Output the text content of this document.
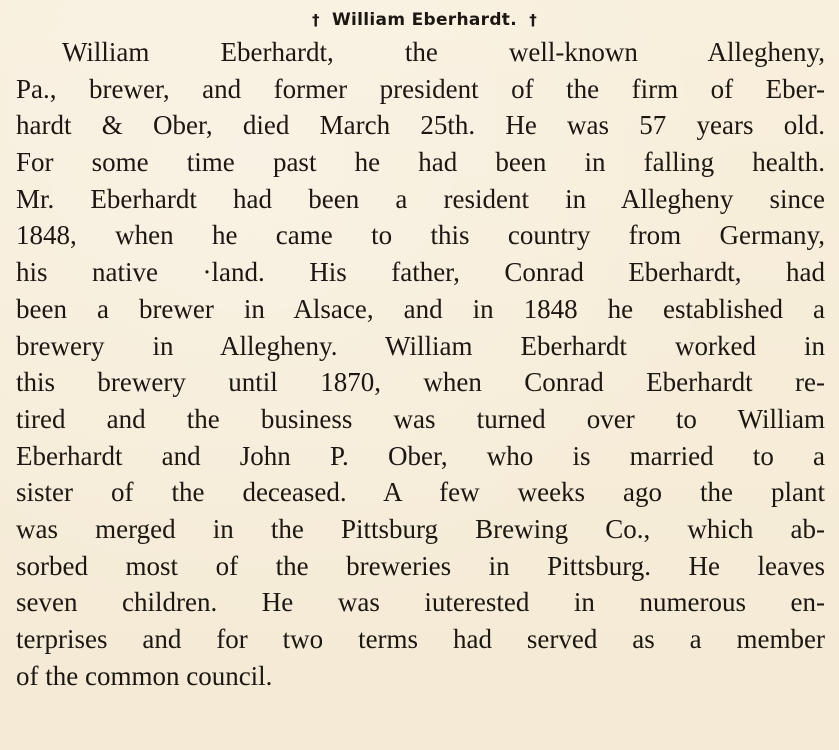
† William Eberhardt. †
William Eberhardt, the well-known Allegheny,
Pa., brewer, and former president of the firm of Eber-
hardt & Ober, died March 25th. He was 57 years old.
For some time past he had been in falling health.
Mr. Eberhardt had been a resident in Allegheny since
1848, when he came to this country from Germany,
his native ·land. His father, Conrad Eberhardt, had
been a brewer in Alsace, and in 1848 he established a
brewery in Allegheny. William Eberhardt worked in
this brewery until 1870, when Conrad Eberhardt re-
tired and the business was turned over to William
Eberhardt and John P. Ober, who is married to a
sister of the deceased. A few weeks ago the plant
was merged in the Pittsburg Brewing Co., which ab-
sorbed most of the breweries in Pittsburg. He leaves
seven children. He was iuterested in numerous en-
terprises and for two terms had served as a member
of the common council.
